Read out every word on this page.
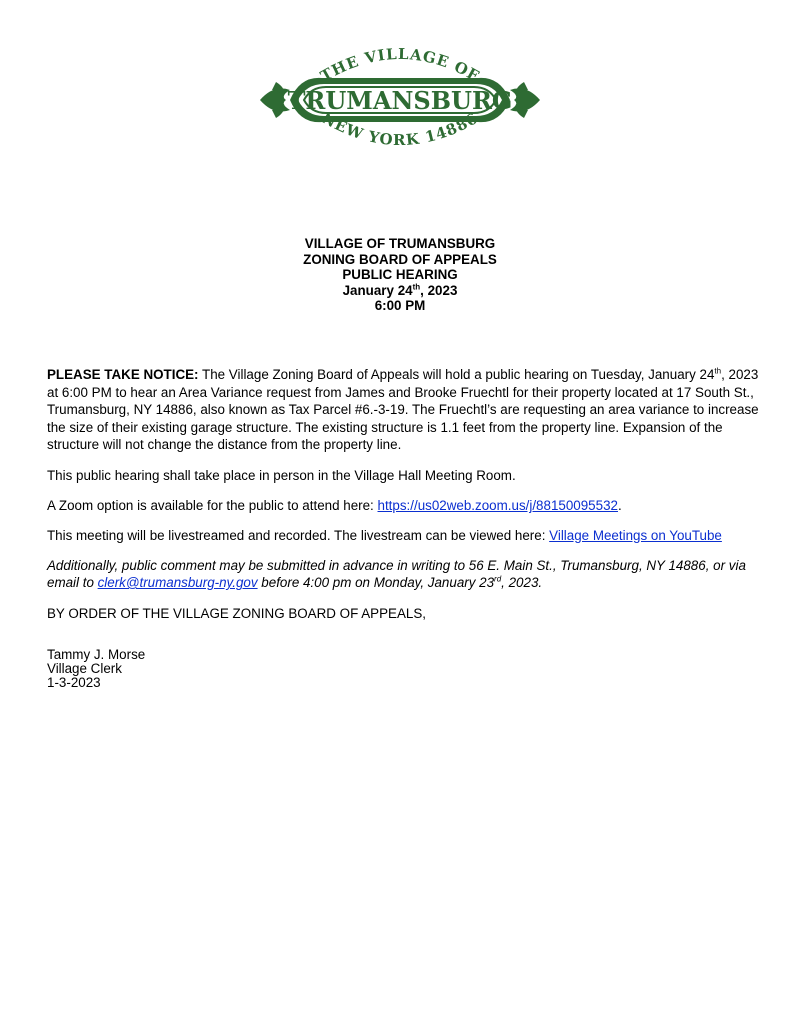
TRUMANSBURG
THE VILLAGE OF
NEW YORK 14886
VILLAGE OF TRUMANSBURG
ZONING BOARD OF APPEALS
PUBLIC HEARING
January 24th, 2023
6:00 PM

PLEASE TAKE NOTICE: The Village Zoning Board of Appeals will hold a public hearing on Tuesday, January 24th, 2023 at 6:00 PM to hear an Area Variance request from James and Brooke Fruechtl for their property located at 17 South St., Trumansburg, NY 14886, also known as Tax Parcel #6.-3-19. The Fruechtl’s are requesting an area variance to increase the size of their existing garage structure. The existing structure is 1.1 feet from the property line. Expansion of the structure will not change the distance from the property line.

This public hearing shall take place in person in the Village Hall Meeting Room.

A Zoom option is available for the public to attend here: https://us02web.zoom.us/j/88150095532.

This meeting will be livestreamed and recorded. The livestream can be viewed here: Village Meetings on YouTube

Additionally, public comment may be submitted in advance in writing to 56 E. Main St., Trumansburg, NY 14886, or via email to clerk@trumansburg-ny.gov before 4:00 pm on Monday, January 23rd, 2023.

BY ORDER OF THE VILLAGE ZONING BOARD OF APPEALS,

Tammy J. Morse
Village Clerk
1-3-2023
